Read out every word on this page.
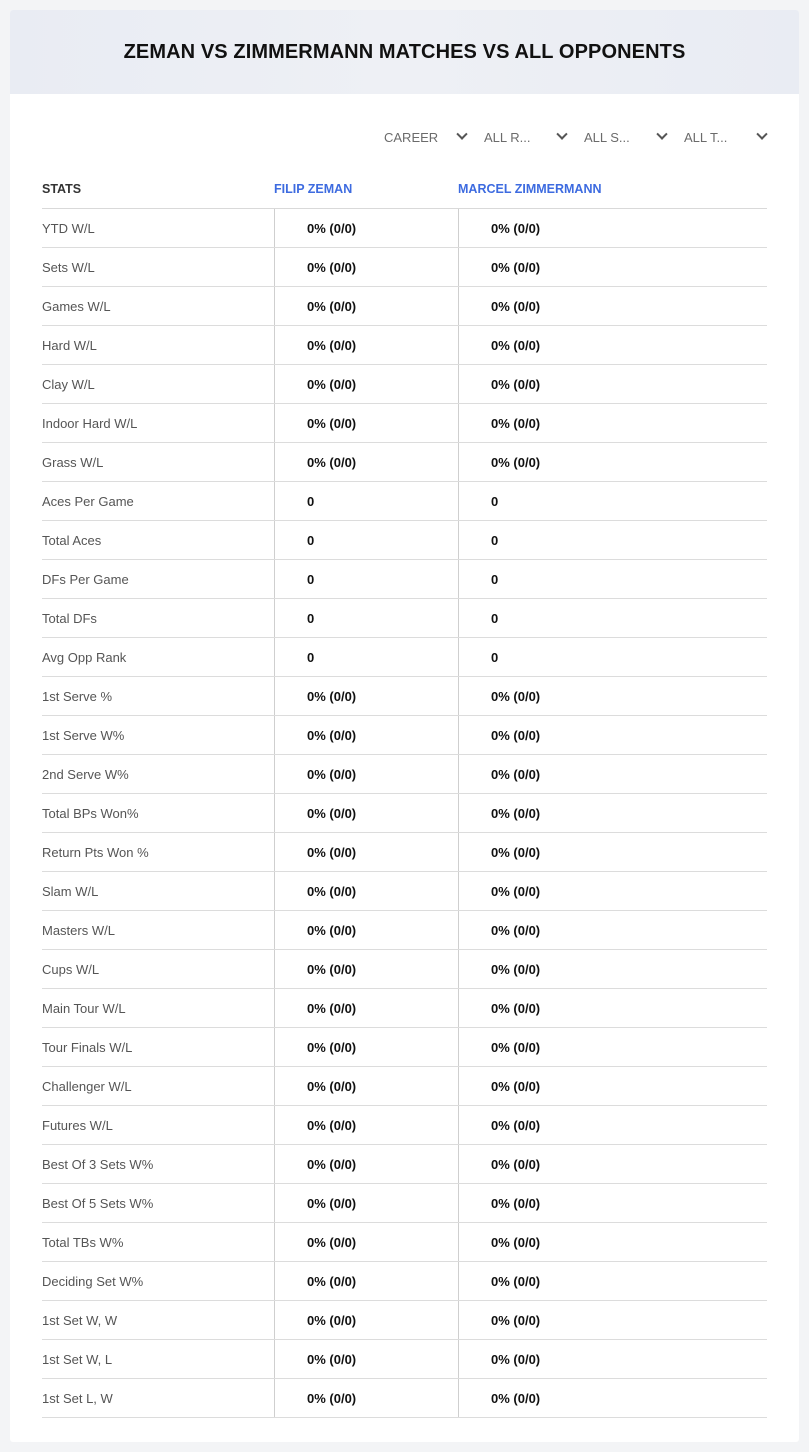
ZEMAN VS ZIMMERMANN MATCHES VS ALL OPPONENTS
CAREER	ALL R...	ALL S...	ALL T...
STATS	FILIP ZEMAN	MARCEL ZIMMERMANN
YTD W/L	0% (0/0)	0% (0/0)
Sets W/L	0% (0/0)	0% (0/0)
Games W/L	0% (0/0)	0% (0/0)
Hard W/L	0% (0/0)	0% (0/0)
Clay W/L	0% (0/0)	0% (0/0)
Indoor Hard W/L	0% (0/0)	0% (0/0)
Grass W/L	0% (0/0)	0% (0/0)
Aces Per Game	0	0
Total Aces	0	0
DFs Per Game	0	0
Total DFs	0	0
Avg Opp Rank	0	0
1st Serve %	0% (0/0)	0% (0/0)
1st Serve W%	0% (0/0)	0% (0/0)
2nd Serve W%	0% (0/0)	0% (0/0)
Total BPs Won%	0% (0/0)	0% (0/0)
Return Pts Won %	0% (0/0)	0% (0/0)
Slam W/L	0% (0/0)	0% (0/0)
Masters W/L	0% (0/0)	0% (0/0)
Cups W/L	0% (0/0)	0% (0/0)
Main Tour W/L	0% (0/0)	0% (0/0)
Tour Finals W/L	0% (0/0)	0% (0/0)
Challenger W/L	0% (0/0)	0% (0/0)
Futures W/L	0% (0/0)	0% (0/0)
Best Of 3 Sets W%	0% (0/0)	0% (0/0)
Best Of 5 Sets W%	0% (0/0)	0% (0/0)
Total TBs W%	0% (0/0)	0% (0/0)
Deciding Set W%	0% (0/0)	0% (0/0)
1st Set W, W	0% (0/0)	0% (0/0)
1st Set W, L	0% (0/0)	0% (0/0)
1st Set L, W	0% (0/0)	0% (0/0)
